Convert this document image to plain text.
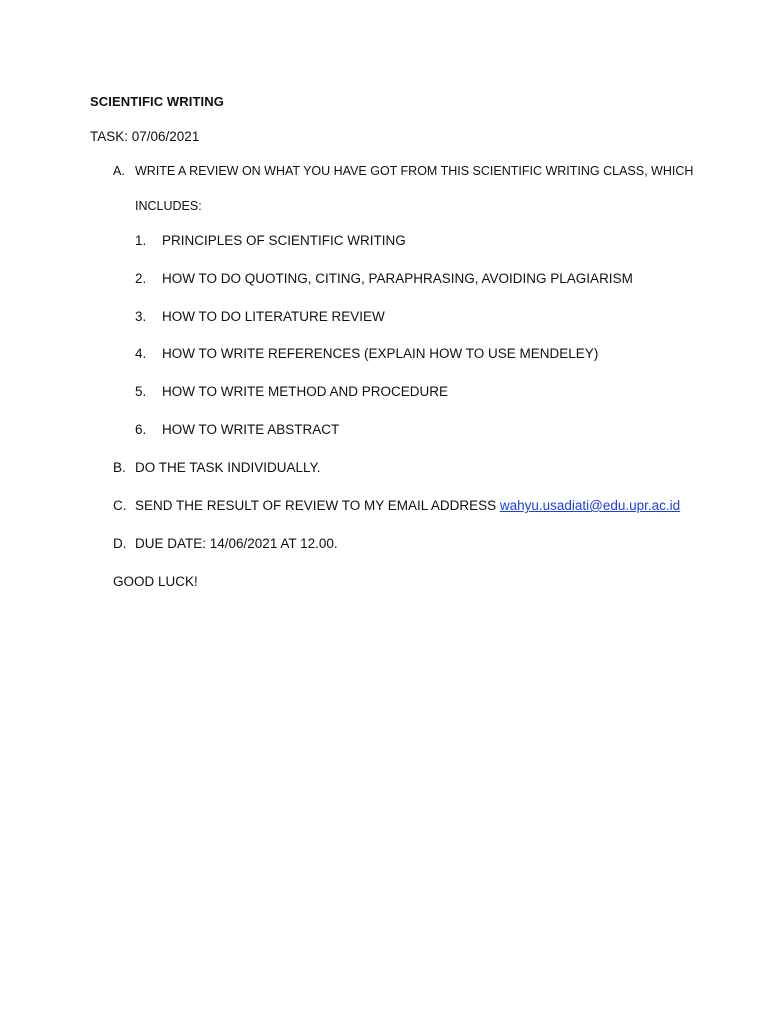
SCIENTIFIC WRITING
TASK: 07/06/2021
A. WRITE A REVIEW ON WHAT YOU HAVE GOT FROM THIS SCIENTIFIC WRITING CLASS, WHICH
INCLUDES:
1. PRINCIPLES OF SCIENTIFIC WRITING
2. HOW TO DO QUOTING, CITING, PARAPHRASING, AVOIDING PLAGIARISM
3. HOW TO DO LITERATURE REVIEW
4. HOW TO WRITE REFERENCES (EXPLAIN HOW TO USE MENDELEY)
5. HOW TO WRITE METHOD AND PROCEDURE
6. HOW TO WRITE ABSTRACT
B. DO THE TASK INDIVIDUALLY.
C. SEND THE RESULT OF REVIEW TO MY EMAIL ADDRESS wahyu.usadiati@edu.upr.ac.id
D. DUE DATE: 14/06/2021 AT 12.00.
GOOD LUCK!
